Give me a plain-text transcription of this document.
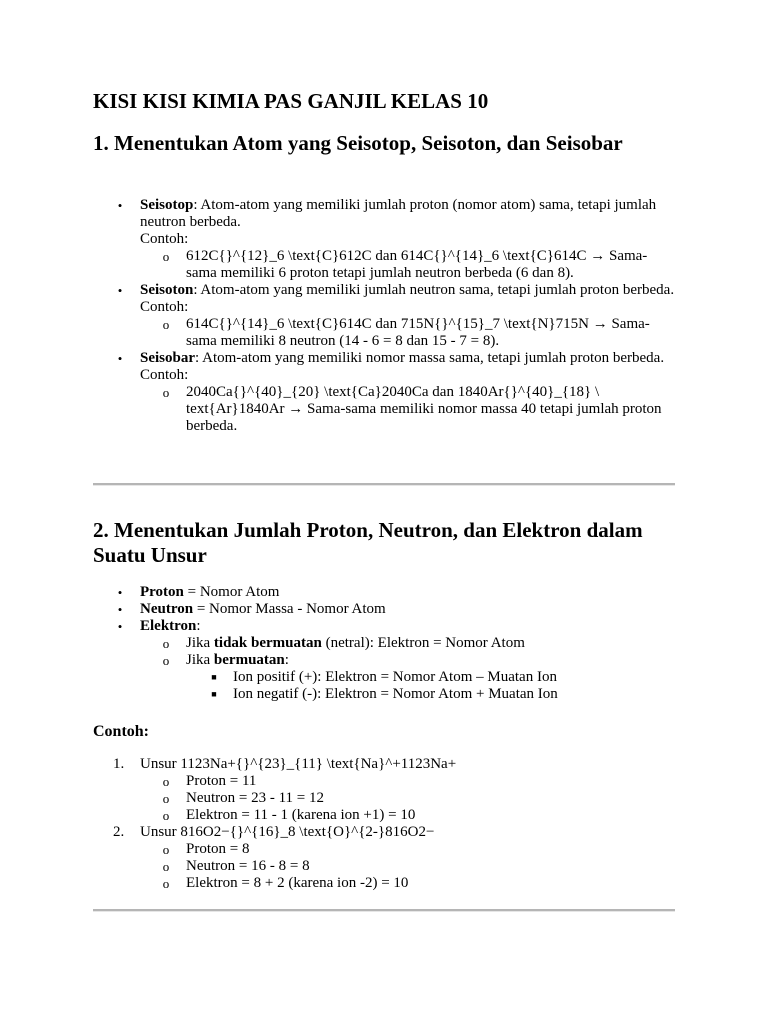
KISI KISI KIMIA PAS GANJIL KELAS 10
1. Menentukan Atom yang Seisotop, Seisoton, dan Seisobar
•	Seisotop: Atom-atom yang memiliki jumlah proton (nomor atom) sama, tetapi jumlah neutron berbeda.
Contoh:
o 612C{}^{12}_6 \text{C}612C dan 614C{}^{14}_6 \text{C}614C → Sama-sama memiliki 6 proton tetapi jumlah neutron berbeda (6 dan 8).
•	Seisoton: Atom-atom yang memiliki jumlah neutron sama, tetapi jumlah proton berbeda.
Contoh:
o 614C{}^{14}_6 \text{C}614C dan 715N{}^{15}_7 \text{N}715N → Sama-sama memiliki 8 neutron (14 - 6 = 8 dan 15 - 7 = 8).
•	Seisobar: Atom-atom yang memiliki nomor massa sama, tetapi jumlah proton berbeda.
Contoh:
o 2040Ca{}^{40}_{20} \text{Ca}2040Ca dan 1840Ar{}^{40}_{18} \ text{Ar}1840Ar → Sama-sama memiliki nomor massa 40 tetapi jumlah proton berbeda.
2. Menentukan Jumlah Proton, Neutron, dan Elektron dalam Suatu Unsur
•	Proton = Nomor Atom
•	Neutron = Nomor Massa - Nomor Atom
•	Elektron:
o Jika tidak bermuatan (netral): Elektron = Nomor Atom
o Jika bermuatan:
■ Ion positif (+): Elektron = Nomor Atom – Muatan Ion
■ Ion negatif (-): Elektron = Nomor Atom + Muatan Ion
Contoh:
1.	Unsur 1123Na+{}^{23}_{11} \text{Na}^+1123Na+
o Proton = 11
o Neutron = 23 - 11 = 12
o Elektron = 11 - 1 (karena ion +1) = 10
2.	Unsur 816O2−{}^{16}_8 \text{O}^{2-}816O2−
o Proton = 8
o Neutron = 16 - 8 = 8
o Elektron = 8 + 2 (karena ion -2) = 10
